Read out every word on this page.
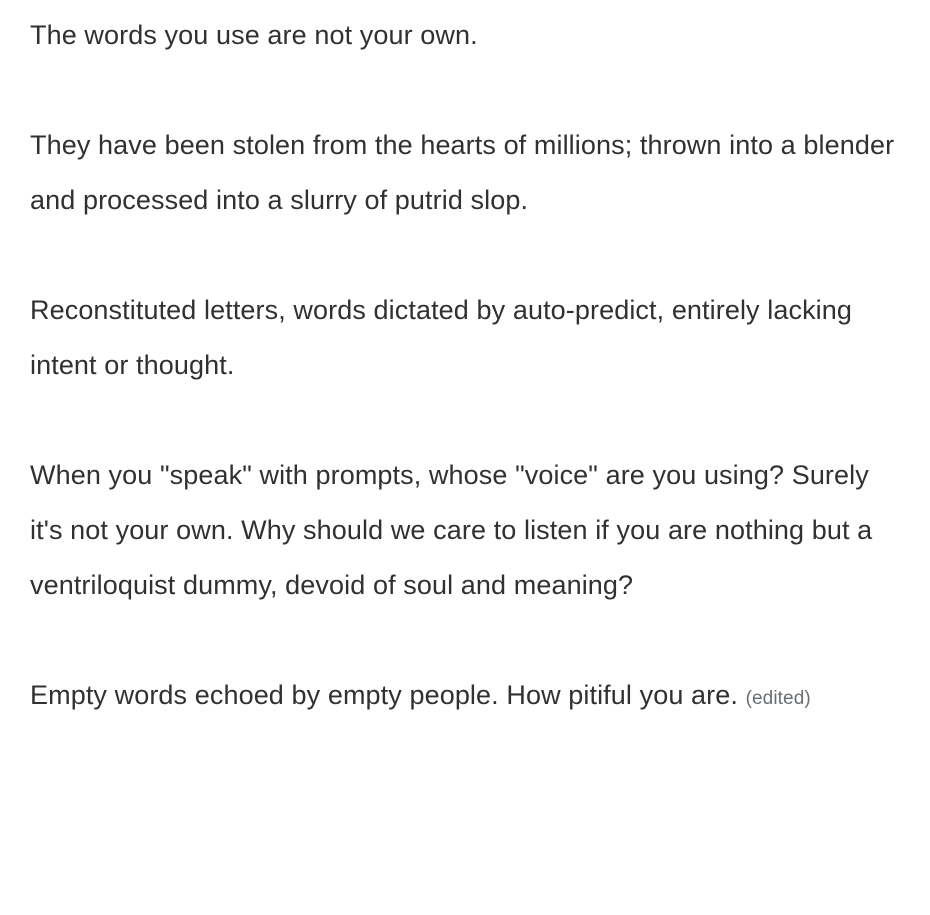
The words you use are not your own.

They have been stolen from the hearts of millions; thrown into a blender and processed into a slurry of putrid slop.

Reconstituted letters, words dictated by auto-predict, entirely lacking intent or thought.

When you "speak" with prompts, whose "voice" are you using? Surely it's not your own. Why should we care to listen if you are nothing but a ventriloquist dummy, devoid of soul and meaning?

Empty words echoed by empty people. How pitiful you are. (edited)
